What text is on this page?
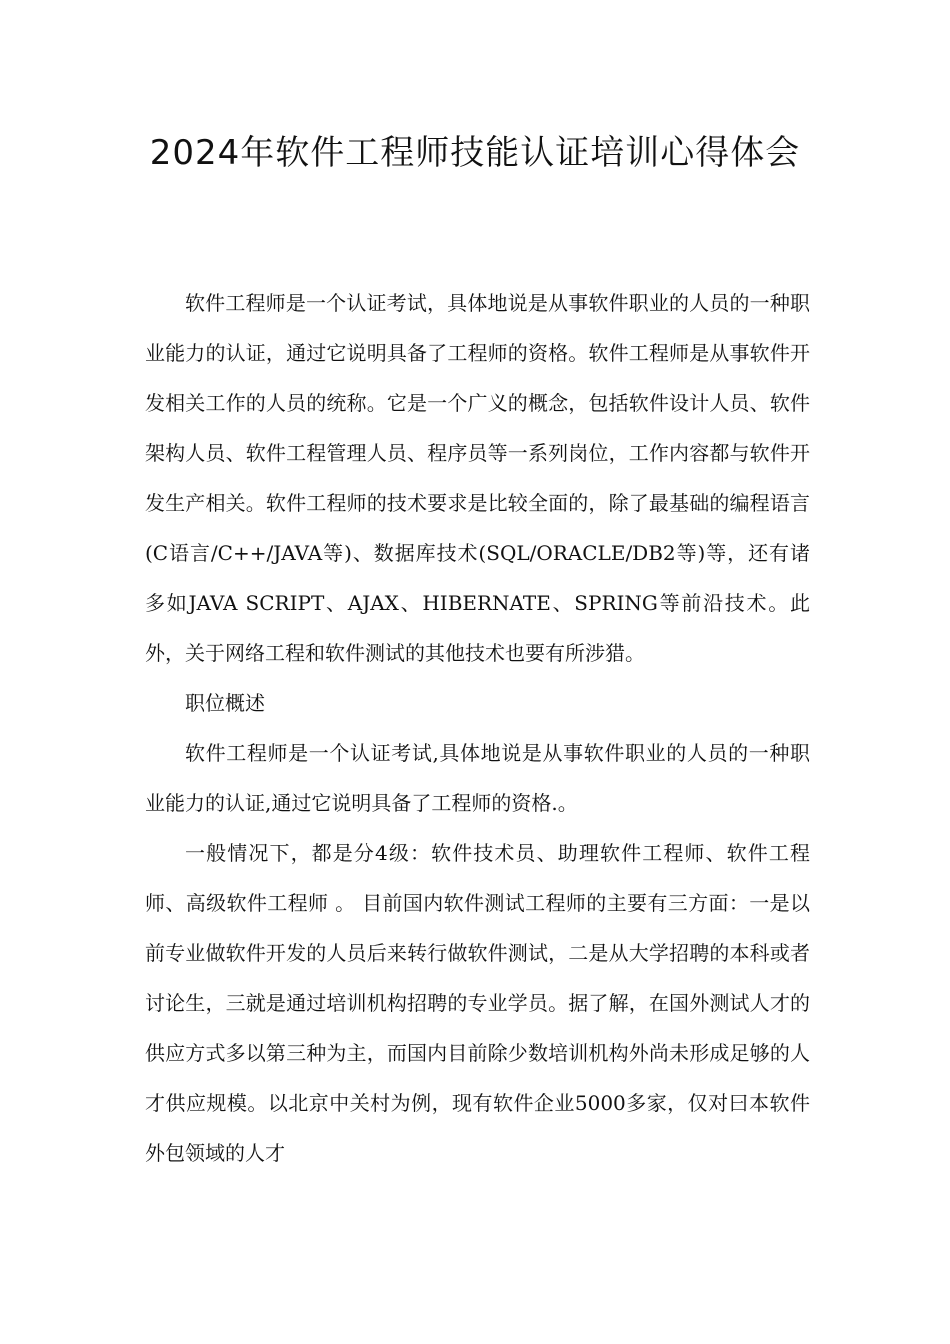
2024年软件工程师技能认证培训心得体会

软件工程师是一个认证考试，具体地说是从事软件职业的人员的一种职业能力的认证，通过它说明具备了工程师的资格。软件工程师是从事软件开发相关工作的人员的统称。它是一个广义的概念，包括软件设计人员、软件架构人员、软件工程管理人员、程序员等一系列岗位，工作内容都与软件开发生产相关。软件工程师的技术要求是比较全面的，除了最基础的编程语言(C语言/C++/JAVA等)、数据库技术(SQL/ORACLE/DB2等)等，还有诸多如JAVA SCRIPT、AJAX、HIBERNATE、SPRING等前沿技术。此外，关于网络工程和软件测试的其他技术也要有所涉猎。

职位概述

软件工程师是一个认证考试,具体地说是从事软件职业的人员的一种职业能力的认证,通过它说明具备了工程师的资格.。

一般情况下，都是分4级：软件技术员、助理软件工程师、软件工程师、高级软件工程师 。 目前国内软件测试工程师的主要有三方面：一是以前专业做软件开发的人员后来转行做软件测试，二是从大学招聘的本科或者讨论生，三就是通过培训机构招聘的专业学员。据了解，在国外测试人才的供应方式多以第三种为主，而国内目前除少数培训机构外尚未形成足够的人才供应规模。以北京中关村为例，现有软件企业5000多家，仅对曰本软件外包领域的人才
